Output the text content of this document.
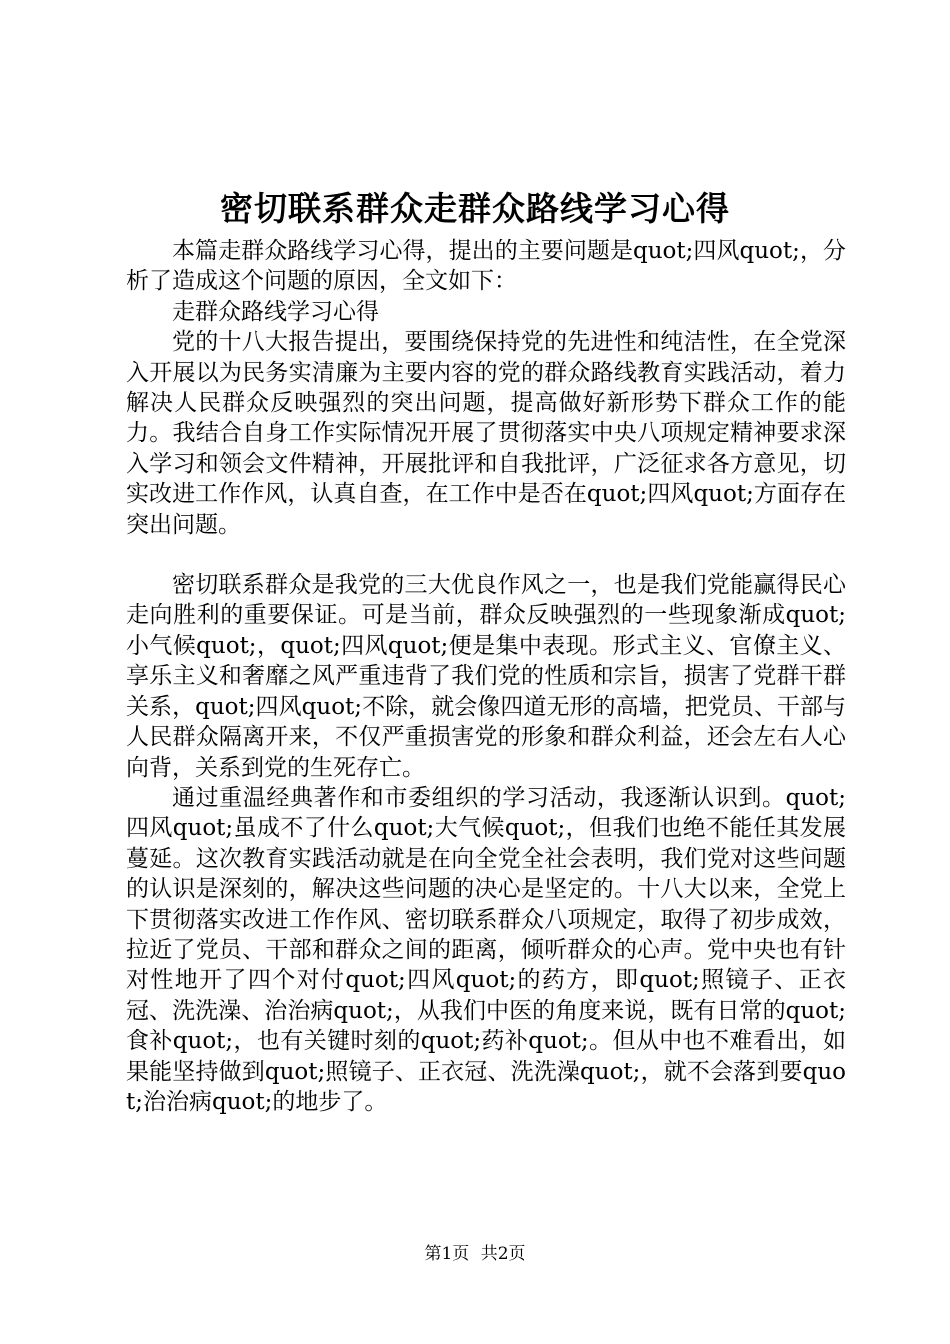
密切联系群众走群众路线学习心得

本篇走群众路线学习心得，提出的主要问题是quot;四风quot;，分析了造成这个问题的原因，全文如下：

走群众路线学习心得

党的十八大报告提出，要围绕保持党的先进性和纯洁性，在全党深入开展以为民务实清廉为主要内容的党的群众路线教育实践活动，着力解决人民群众反映强烈的突出问题，提高做好新形势下群众工作的能力。我结合自身工作实际情况开展了贯彻落实中央八项规定精神要求深入学习和领会文件精神，开展批评和自我批评，广泛征求各方意见，切实改进工作作风，认真自查，在工作中是否在quot;四风quot;方面存在突出问题。

密切联系群众是我党的三大优良作风之一，也是我们党能赢得民心走向胜利的重要保证。可是当前，群众反映强烈的一些现象渐成quot;小气候quot;，quot;四风quot;便是集中表现。形式主义、官僚主义、享乐主义和奢靡之风严重违背了我们党的性质和宗旨，损害了党群干群关系，quot;四风quot;不除，就会像四道无形的高墙，把党员、干部与人民群众隔离开来，不仅严重损害党的形象和群众利益，还会左右人心向背，关系到党的生死存亡。

通过重温经典著作和市委组织的学习活动，我逐渐认识到。quot;四风quot;虽成不了什么quot;大气候quot;，但我们也绝不能任其发展蔓延。这次教育实践活动就是在向全党全社会表明，我们党对这些问题的认识是深刻的，解决这些问题的决心是坚定的。十八大以来，全党上下贯彻落实改进工作作风、密切联系群众八项规定，取得了初步成效，拉近了党员、干部和群众之间的距离，倾听群众的心声。党中央也有针对性地开了四个对付quot;四风quot;的药方，即quot;照镜子、正衣冠、洗洗澡、治治病quot;，从我们中医的角度来说，既有日常的quot;食补quot;，也有关键时刻的quot;药补quot;。但从中也不难看出，如果能坚持做到quot;照镜子、正衣冠、洗洗澡quot;，就不会落到要quot;治治病quot;的地步了。

第1页 共2页
